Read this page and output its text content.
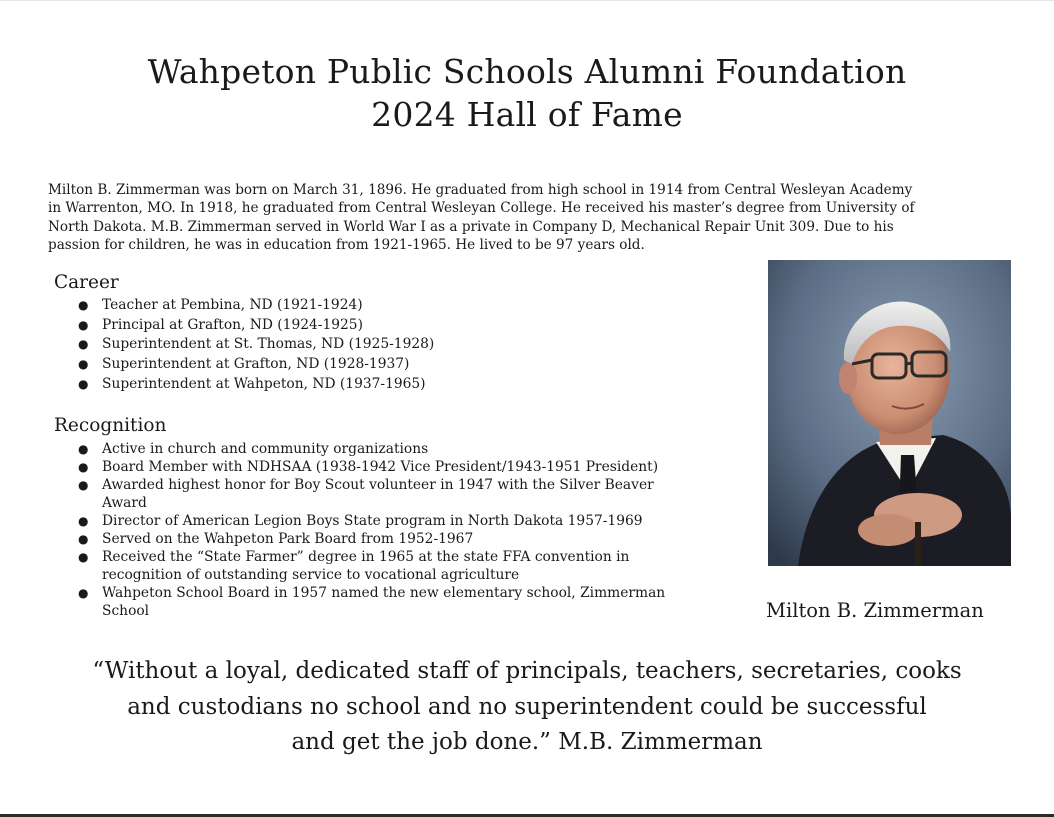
Wahpeton Public Schools Alumni Foundation
2024 Hall of Fame

Milton B. Zimmerman was born on March 31, 1896. He graduated from high school in 1914 from Central Wesleyan Academy

in Warrenton, MO. In 1918, he graduated from Central Wesleyan College. He received his master’s degree from University of

North Dakota. M.B. Zimmerman served in World War I as a private in Company D, Mechanical Repair Unit 309. Due to his

passion for children, he was in education from 1921-1965. He lived to be 97 years old.

Career
● Teacher at Pembina, ND (1921-1924)
● Principal at Grafton, ND (1924-1925)
● Superintendent at St. Thomas, ND (1925-1928)
● Superintendent at Grafton, ND (1928-1937)
● Superintendent at Wahpeton, ND (1937-1965)
Recognition
● Active in church and community organizations
● Board Member with NDHSAA (1938-1942 Vice President/1943-1951 President)
● Awarded highest honor for Boy Scout volunteer in 1947 with the Silver Beaver
Award
● Director of American Legion Boys State program in North Dakota 1957-1969
● Served on the Wahpeton Park Board from 1952-1967
● Received the “State Farmer” degree in 1965 at the state FFA convention in
recognition of outstanding service to vocational agriculture
● Wahpeton School Board in 1957 named the new elementary school, Zimmerman
School	Milton B. Zimmerman
“Without a loyal, dedicated staff of principals, teachers, secretaries, cooks
and custodians no school and no superintendent could be successful
and get the job done.” M.B. Zimmerman
